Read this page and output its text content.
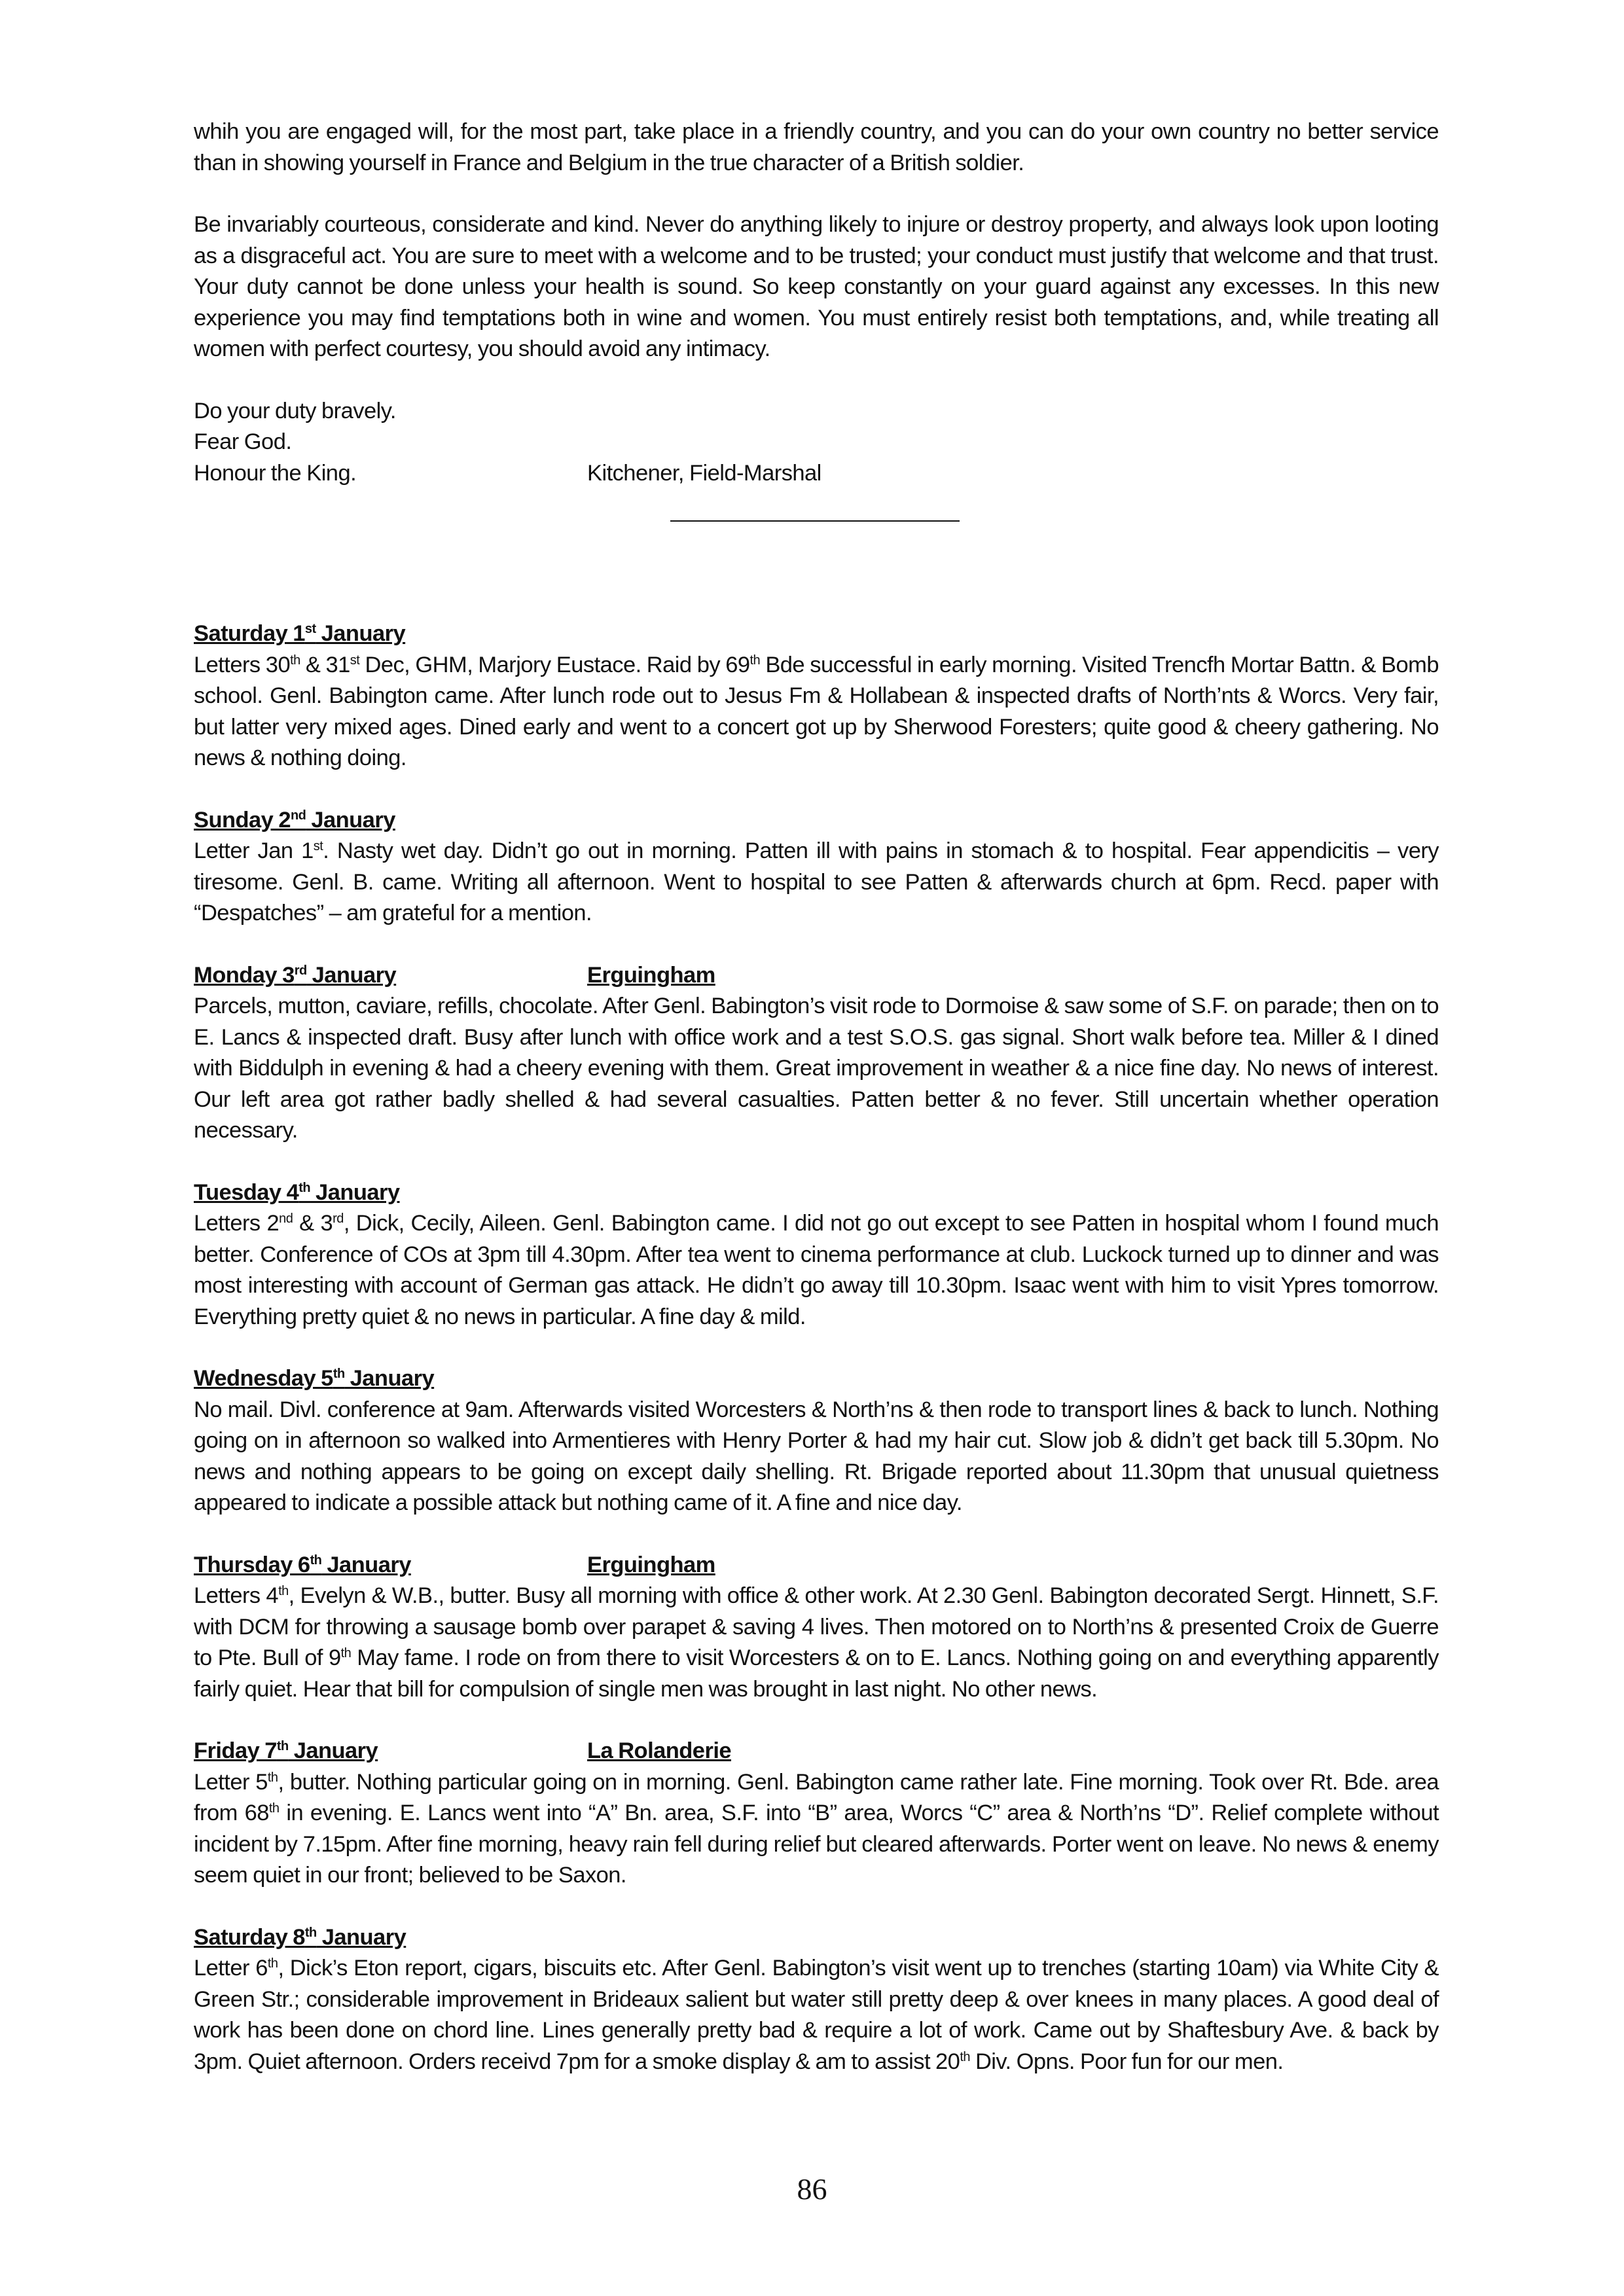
whih you are engaged will, for the most part, take place in a friendly country, and you can do your own country no better service than in showing yourself in France and Belgium in the true character of a British soldier.

Be invariably courteous, considerate and kind. Never do anything likely to injure or destroy property, and always look upon looting as a disgraceful act. You are sure to meet with a welcome and to be trusted; your conduct must justify that welcome and that trust. Your duty cannot be done unless your health is sound. So keep constantly on your guard against any excesses. In this new experience you may find temptations both in wine and women. You must entirely resist both temptations, and, while treating all women with perfect courtesy, you should avoid any intimacy.

Do your duty bravely.
Fear God.
Honour the King.	Kitchener, Field-Marshal
Saturday 1st January

Letters 30th & 31st Dec, GHM, Marjory Eustace. Raid by 69th Bde successful in early morning. Visited Trencfh Mortar Battn. & Bomb school. Genl. Babington came. After lunch rode out to Jesus Fm & Hollabean & inspected drafts of North’nts & Worcs. Very fair, but latter very mixed ages. Dined early and went to a concert got up by Sherwood Foresters; quite good & cheery gathering. No news & nothing doing.

Sunday 2nd January

Letter Jan 1st. Nasty wet day. Didn’t go out in morning. Patten ill with pains in stomach & to hospital. Fear appendicitis – very tiresome. Genl. B. came. Writing all afternoon. Went to hospital to see Patten & afterwards church at 6pm. Recd. paper with “Despatches” – am grateful for a mention.

Monday 3rd January	Erguingham

Parcels, mutton, caviare, refills, chocolate. After Genl. Babington’s visit rode to Dormoise & saw some of S.F. on parade; then on to E. Lancs & inspected draft. Busy after lunch with office work and a test S.O.S. gas signal. Short walk before tea. Miller & I dined with Biddulph in evening & had a cheery evening with them. Great improvement in weather & a nice fine day. No news of interest. Our left area got rather badly shelled & had several casualties. Patten better & no fever. Still uncertain whether operation necessary.

Tuesday 4th January

Letters 2nd & 3rd, Dick, Cecily, Aileen. Genl. Babington came. I did not go out except to see Patten in hospital whom I found much better. Conference of COs at 3pm till 4.30pm. After tea went to cinema performance at club. Luckock turned up to dinner and was most interesting with account of German gas attack. He didn’t go away till 10.30pm. Isaac went with him to visit Ypres tomorrow. Everything pretty quiet & no news in particular. A fine day & mild.

Wednesday 5th January

No mail. Divl. conference at 9am. Afterwards visited Worcesters & North’ns & then rode to transport lines & back to lunch. Nothing going on in afternoon so walked into Armentieres with Henry Porter & had my hair cut. Slow job & didn’t get back till 5.30pm. No news and nothing appears to be going on except daily shelling. Rt. Brigade reported about 11.30pm that unusual quietness appeared to indicate a possible attack but nothing came of it. A fine and nice day.

Thursday 6th January	Erguingham

Letters 4th, Evelyn & W.B., butter. Busy all morning with office & other work. At 2.30 Genl. Babington decorated Sergt. Hinnett, S.F. with DCM for throwing a sausage bomb over parapet & saving 4 lives. Then motored on to North’ns & presented Croix de Guerre to Pte. Bull of 9th May fame. I rode on from there to visit Worcesters & on to E. Lancs. Nothing going on and everything apparently fairly quiet. Hear that bill for compulsion of single men was brought in last night. No other news.

Friday 7th January	La Rolanderie

Letter 5th, butter. Nothing particular going on in morning. Genl. Babington came rather late. Fine morning. Took over Rt. Bde. area from 68th in evening. E. Lancs went into “A” Bn. area, S.F. into “B” area, Worcs “C” area & North’ns “D”. Relief complete without incident by 7.15pm. After fine morning, heavy rain fell during relief but cleared afterwards. Porter went on leave. No news & enemy seem quiet in our front; believed to be Saxon.

Saturday 8th January

Letter 6th, Dick’s Eton report, cigars, biscuits etc. After Genl. Babington’s visit went up to trenches (starting 10am) via White City & Green Str.; considerable improvement in Brideaux salient but water still pretty deep & over knees in many places. A good deal of work has been done on chord line. Lines generally pretty bad & require a lot of work. Came out by Shaftesbury Ave. & back by 3pm. Quiet afternoon. Orders receivd 7pm for a smoke display & am to assist 20th Div. Opns. Poor fun for our men.

86
